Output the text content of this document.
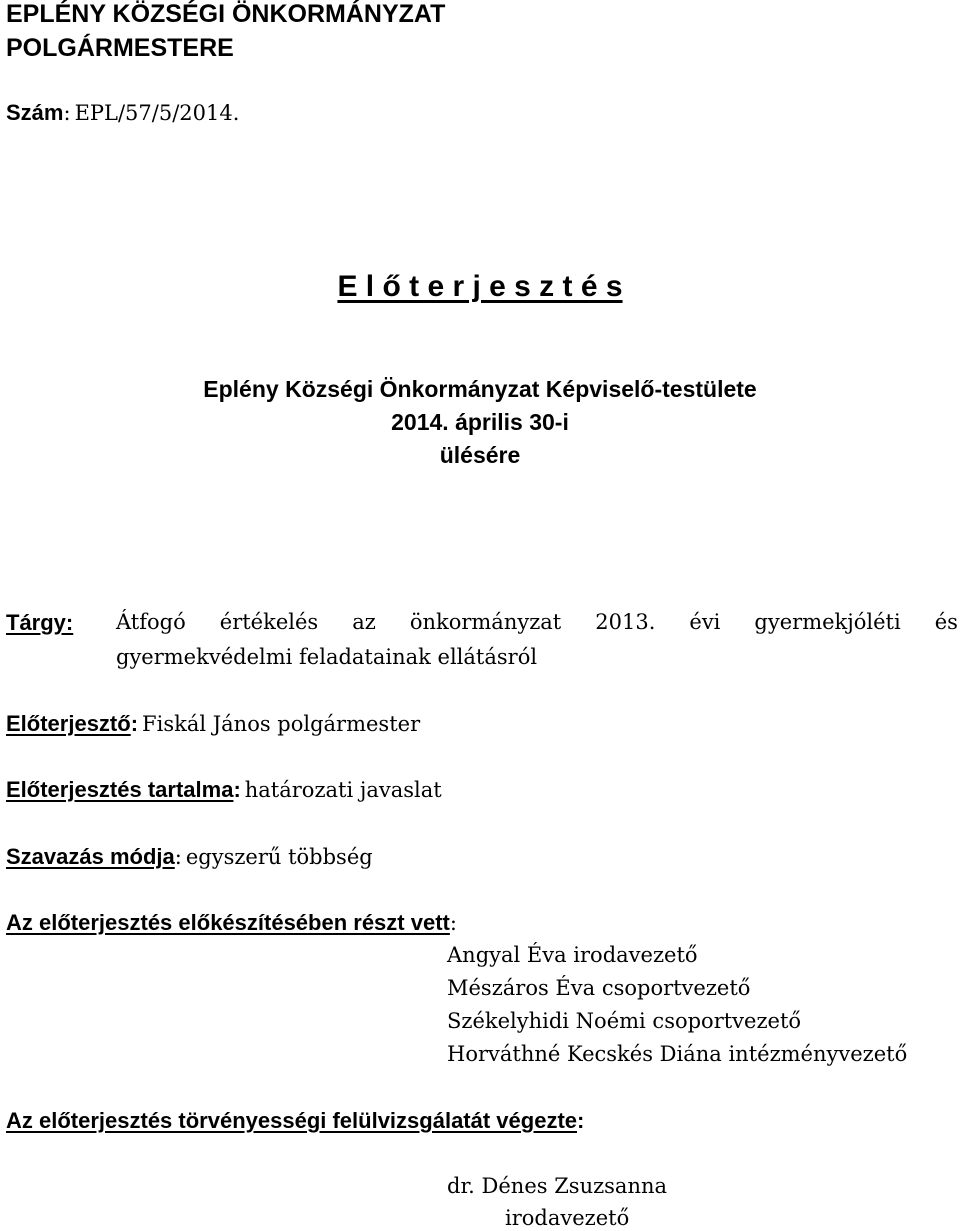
EPLÉNY KÖZSÉGI ÖNKORMÁNYZAT
POLGÁRMESTERE
Szám: EPL/57/5/2014.
E l ő t e r j e s z t é s
Eplény Községi Önkormányzat Képviselő-testülete
2014. április 30-i
ülésére
Tárgy: Átfogó értékelés az önkormányzat 2013. évi gyermekjóléti és
gyermekvédelmi feladatainak ellátásról
Előterjesztő: Fiskál János polgármester
Előterjesztés tartalma: határozati javaslat
Szavazás módja: egyszerű többség
Az előterjesztés előkészítésében részt vett:
Angyal Éva irodavezető
Mészáros Éva csoportvezető
Székelyhidi Noémi csoportvezető
Horváthné Kecskés Diána intézményvezető
Az előterjesztés törvényességi felülvizsgálatát végezte:
dr. Dénes Zsuzsanna
irodavezető
